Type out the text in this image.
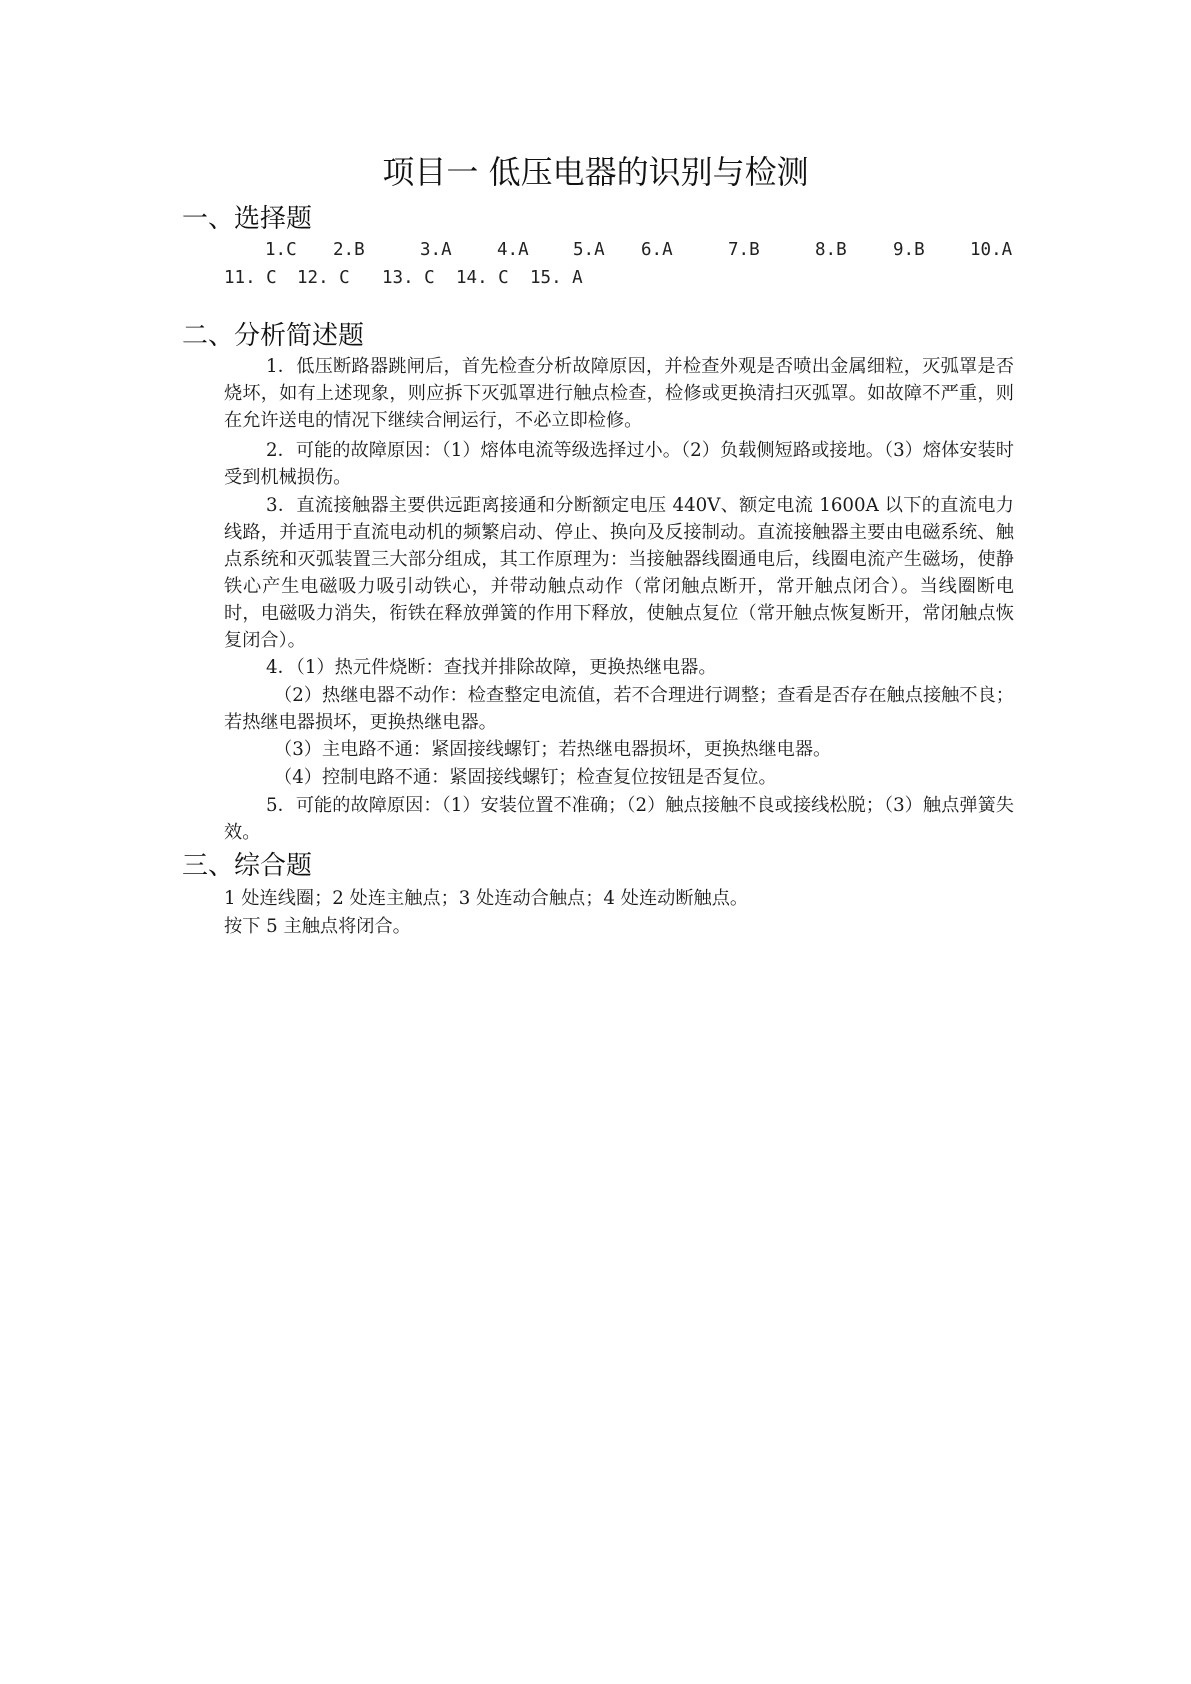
项目一 低压电器的识别与检测
一、选择题
1.C 2.B	3.A	4.A	5.A 6.A	7.B	8.B	9.B	10.A
11. C 12. C 13. C 14. C 15. A
二、分析简述题

1．低压断路器跳闸后，首先检查分析故障原因，并检查外观是否喷出金属细粒，灭弧罩是否烧坏，如有上述现象，则应拆下灭弧罩进行触点检查，检修或更换清扫灭弧罩。如故障不严重，则在允许送电的情况下继续合闸运行，不必立即检修。

2．可能的故障原因：（1）熔体电流等级选择过小。（2）负载侧短路或接地。（3）熔体安装时受到机械损伤。

3．直流接触器主要供远距离接通和分断额定电压 440V、额定电流 1600A 以下的直流电力线路，并适用于直流电动机的频繁启动、停止、换向及反接制动。直流接触器主要由电磁系统、触点系统和灭弧装置三大部分组成，其工作原理为：当接触器线圈通电后，线圈电流产生磁场，使静铁心产生电磁吸力吸引动铁心，并带动触点动作（常闭触点断开，常开触点闭合）。当线圈断电时，电磁吸力消失，衔铁在释放弹簧的作用下释放，使触点复位（常开触点恢复断开，常闭触点恢复闭合）。

4．（1）热元件烧断：查找并排除故障，更换热继电器。

（2）热继电器不动作：检查整定电流值，若不合理进行调整；查看是否存在触点接触不良；若热继电器损坏，更换热继电器。

（3）主电路不通：紧固接线螺钉；若热继电器损坏，更换热继电器。

（4）控制电路不通：紧固接线螺钉；检查复位按钮是否复位。

5．可能的故障原因：（1）安装位置不准确；（2）触点接触不良或接线松脱；（3）触点弹簧失效。

三、综合题

1 处连线圈；2 处连主触点；3 处连动合触点；4 处连动断触点。

按下 5 主触点将闭合。
